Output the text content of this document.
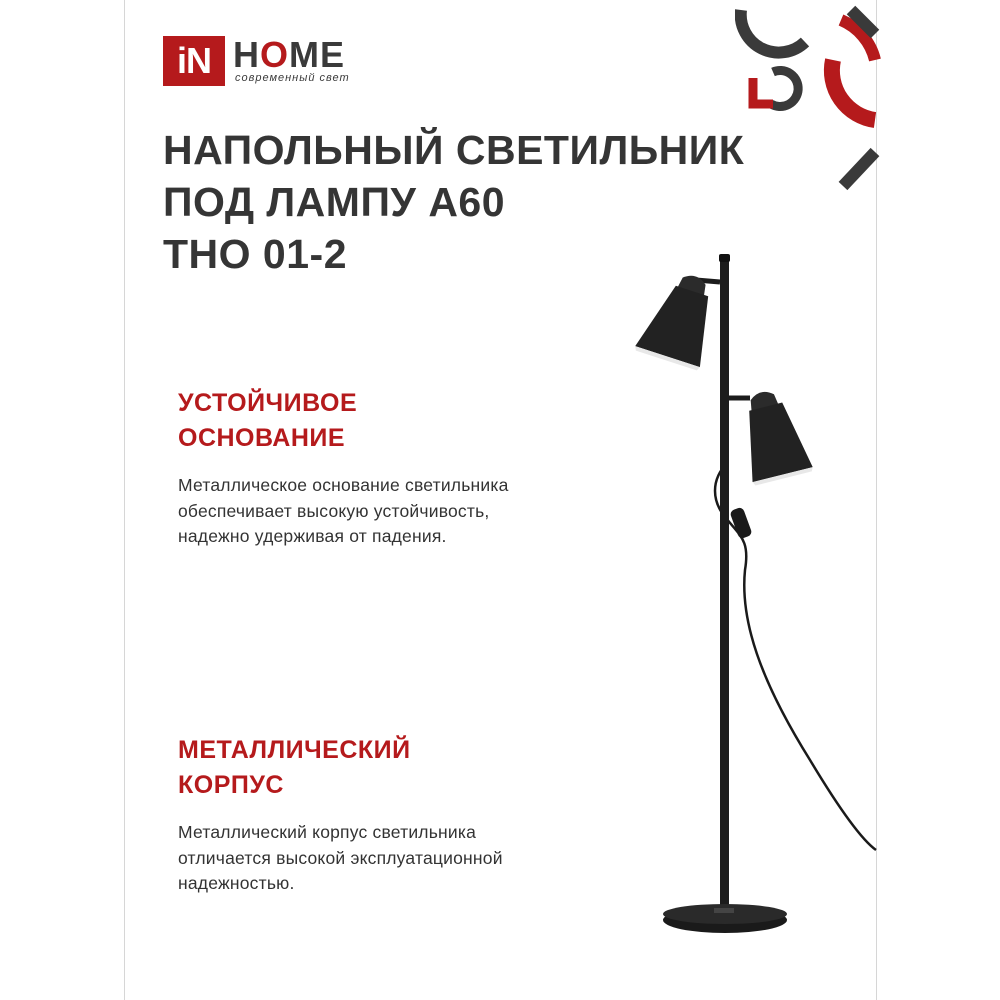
iN HOME
современный свет
НАПОЛЬНЫЙ СВЕТИЛЬНИК
ПОД ЛАМПУ А60
ТНО 01-2
УСТОЙЧИВОЕ
ОСНОВАНИЕ

Металлическое основание светильника обеспечивает высокую устойчивость, надежно удерживая от падения.

МЕТАЛЛИЧЕСКИЙ
КОРПУС

Металлический корпус светильника отличается высокой эксплуатационной надежностью.
